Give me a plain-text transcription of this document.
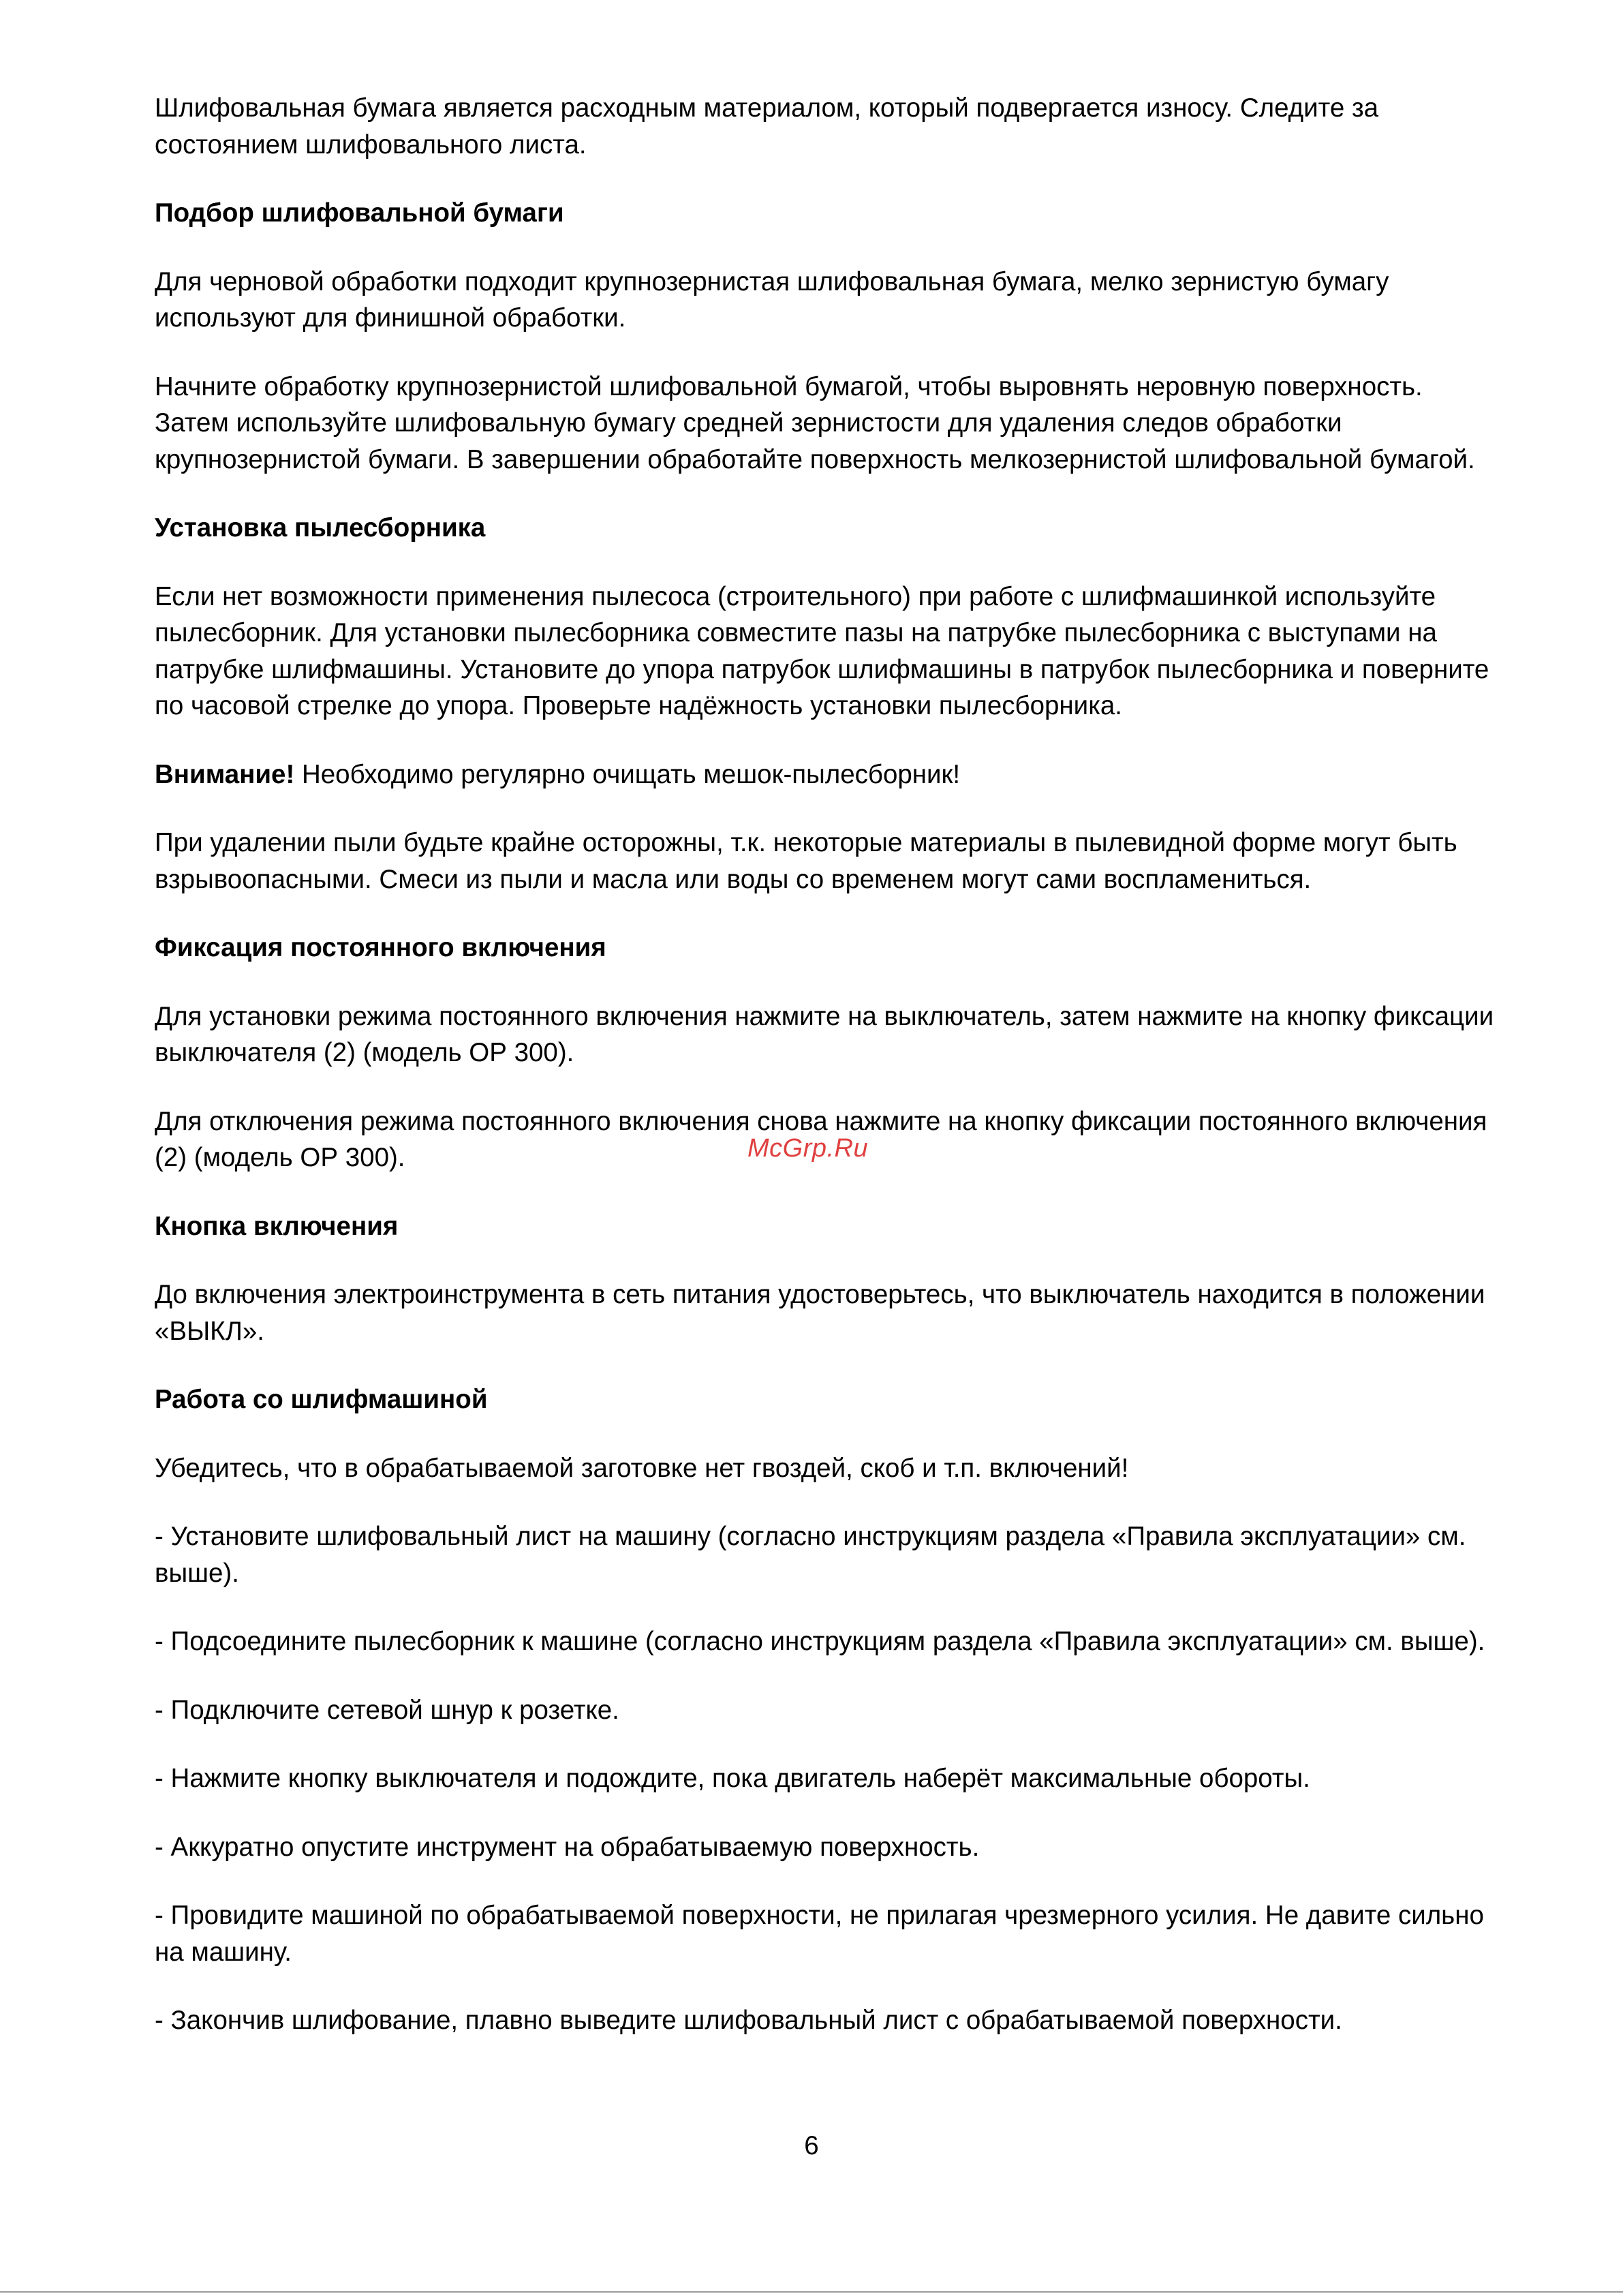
Шлифовальная бумага является расходным материалом, который подвергается износу. Следите за состоянием шлифовального листа.

Подбор шлифовальной бумаги

Для черновой обработки подходит крупнозернистая шлифовальная бумага, мелко зернистую бумагу используют для финишной обработки.

Начните обработку крупнозернистой шлифовальной бумагой, чтобы выровнять неровную поверхность. Затем используйте шлифовальную бумагу средней зернистости для удаления следов обработки крупнозернистой бумаги. В завершении обработайте поверхность мелкозернистой шлифовальной бумагой.

Установка пылесборника

Если нет возможности применения пылесоса (строительного) при работе с шлифмашинкой используйте пылесборник. Для установки пылесборника совместите пазы на патрубке пылесборника с выступами на патрубке шлифмашины. Установите до упора патрубок шлифмашины в патрубок пылесборника и поверните по часовой стрелке до упора. Проверьте надёжность установки пылесборника.

Внимание! Необходимо регулярно очищать мешок-пылесборник!

При удалении пыли будьте крайне осторожны, т.к. некоторые материалы в пылевидной форме могут быть взрывоопасными. Смеси из пыли и масла или воды со временем могут сами воспламениться.

Фиксация постоянного включения

Для установки режима постоянного включения нажмите на выключатель, затем нажмите на кнопку фиксации выключателя (2) (модель ОР 300).

Для отключения режима постоянного включения снова нажмите на кнопку фиксации постоянного включения (2) (модель ОР 300).

Кнопка включения

До включения электроинструмента в сеть питания удостоверьтесь, что выключатель находится в положении «ВЫКЛ».

Работа со шлифмашиной

Убедитесь, что в обрабатываемой заготовке нет гвоздей, скоб и т.п. включений!

- Установите шлифовальный лист на машину (согласно инструкциям раздела «Правила эксплуатации» см. выше).

- Подсоедините пылесборник к машине (согласно инструкциям раздела «Правила эксплуатации» см. выше).

- Подключите сетевой шнур к розетке.

- Нажмите кнопку выключателя и подождите, пока двигатель наберёт максимальные обороты.

- Аккуратно опустите инструмент на обрабатываемую поверхность.

- Провидите машиной по обрабатываемой поверхности, не прилагая чрезмерного усилия. Не давите сильно на машину.

- Закончив шлифование, плавно выведите шлифовальный лист с обрабатываемой поверхности.

McGrp.Ru
6
